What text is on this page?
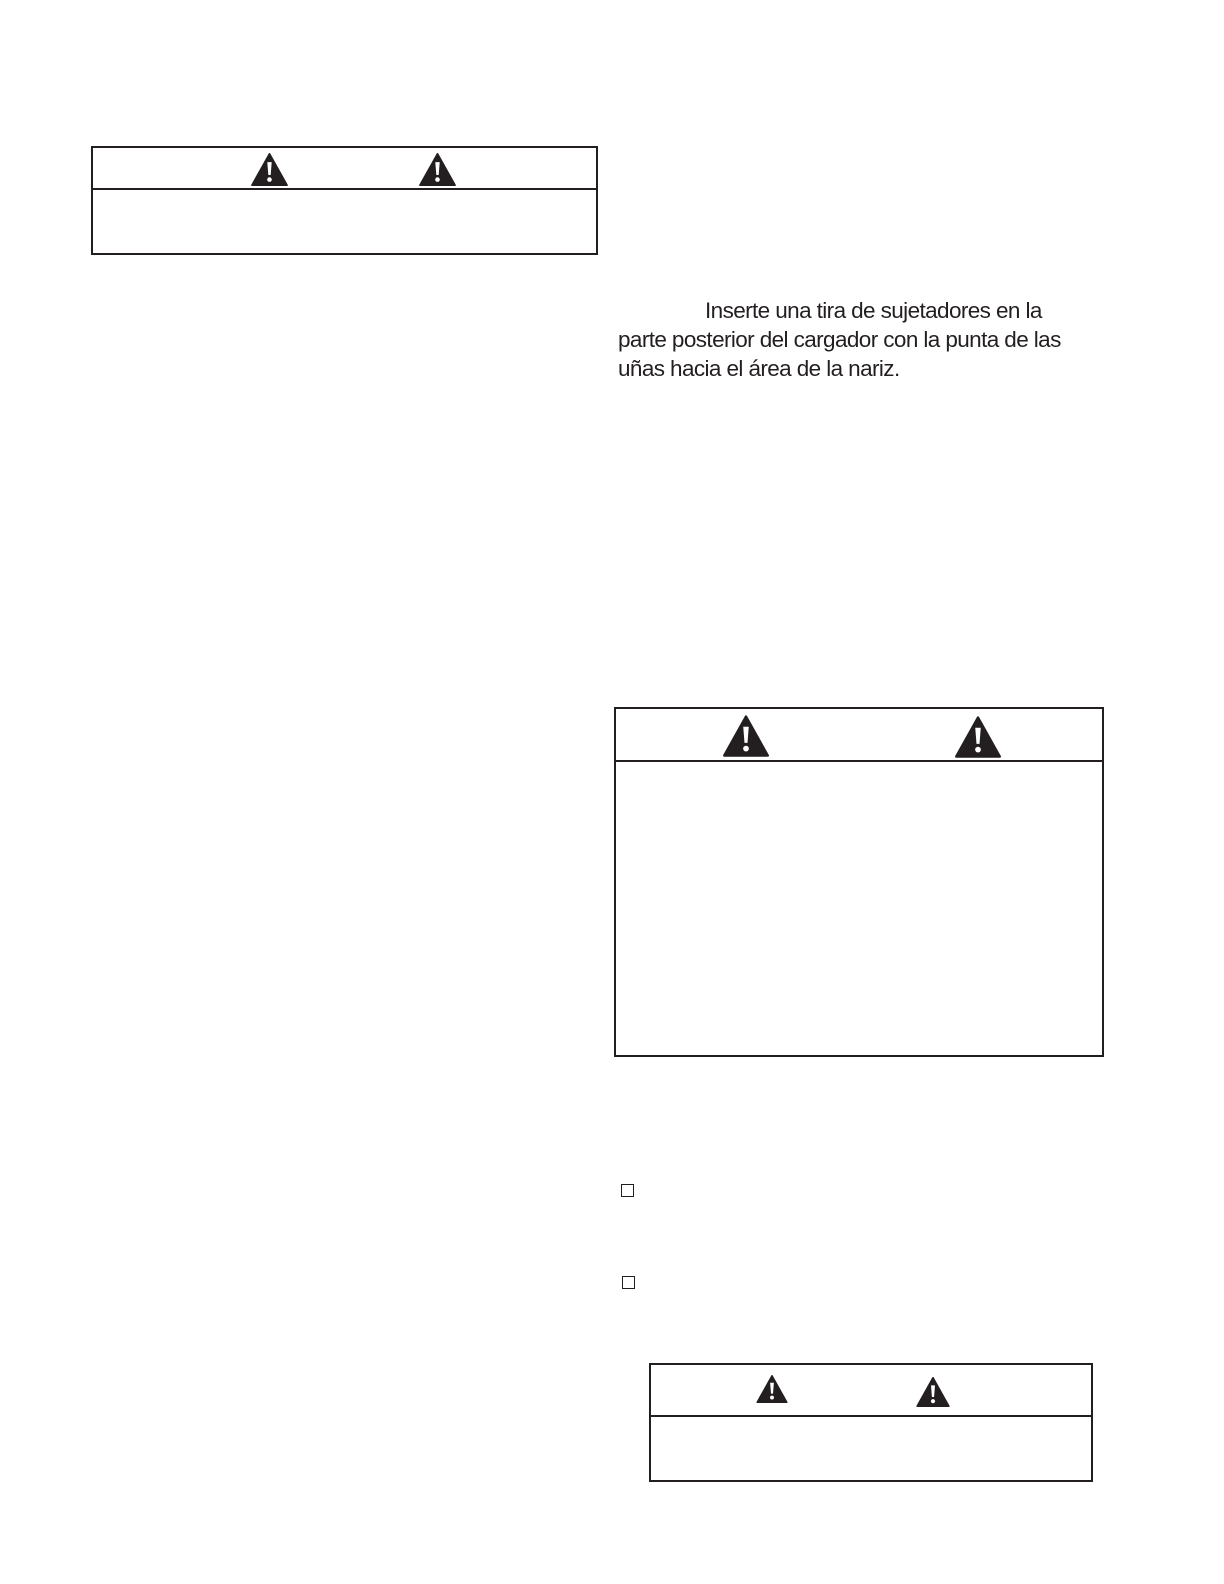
Inserte una tira de sujetadores en la
parte posterior del cargador con la punta de las
uñas hacia el área de la nariz.
